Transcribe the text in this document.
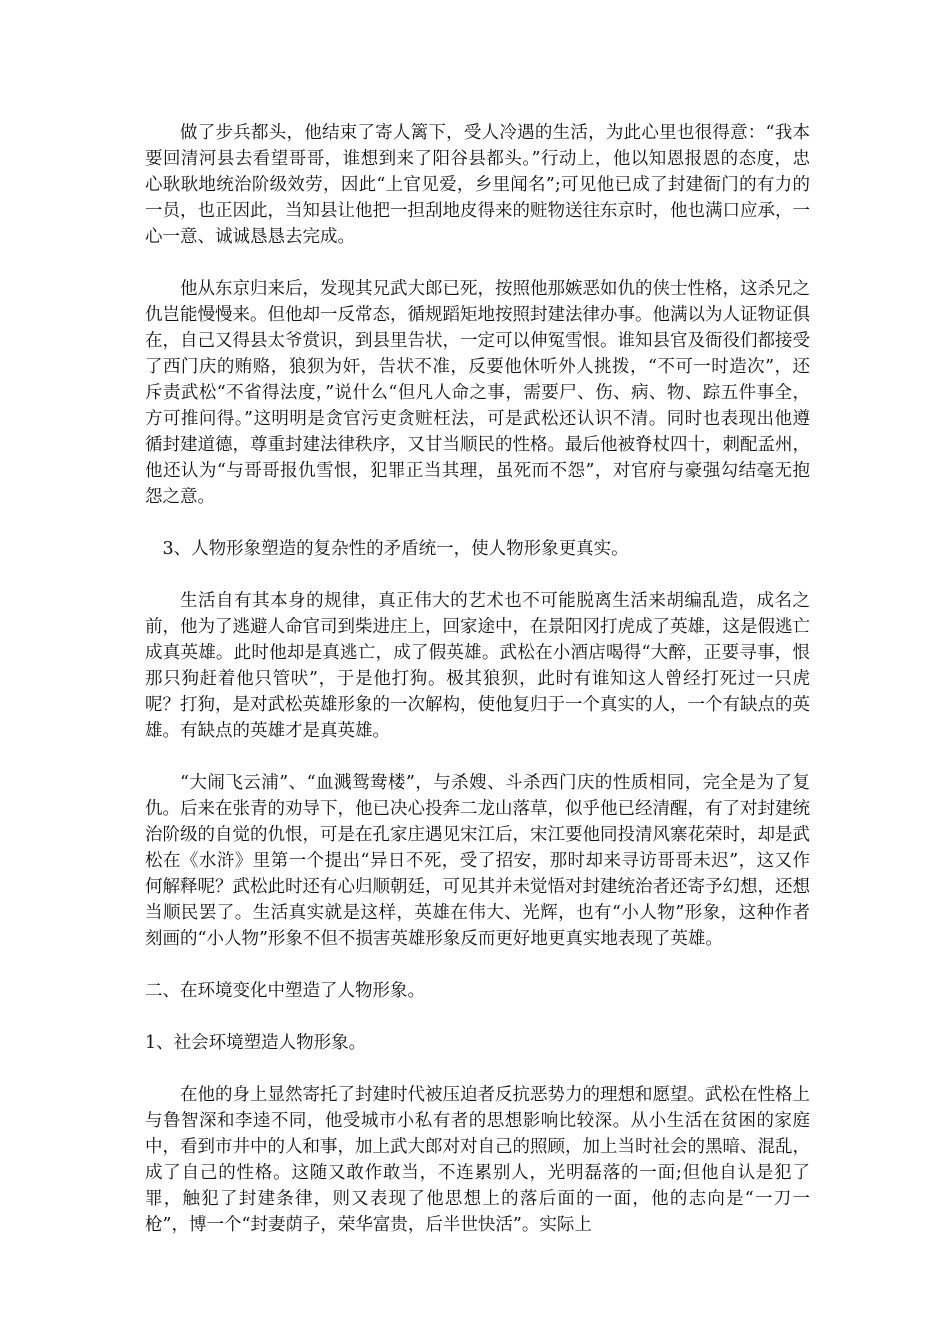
做了步兵都头，他结束了寄人篱下，受人冷遇的生活，为此心里也很得意：“我本要回清河县去看望哥哥，谁想到来了阳谷县都头。”行动上，他以知恩报恩的态度，忠心耿耿地统治阶级效劳，因此“上官见爱，乡里闻名”;可见他已成了封建衙门的有力的一员，也正因此，当知县让他把一担刮地皮得来的赃物送往东京时，他也满口应承，一心一意、诚诚恳恳去完成。

他从东京归来后，发现其兄武大郎已死，按照他那嫉恶如仇的侠士性格，这杀兄之仇岂能慢慢来。但他却一反常态，循规蹈矩地按照封建法律办事。他满以为人证物证俱在，自己又得县太爷赏识，到县里告状，一定可以伸冤雪恨。谁知县官及衙役们都接受了西门庆的贿赂，狼狈为奸，告状不准，反要他休听外人挑拨，“不可一时造次”，还斥责武松“不省得法度，”说什么“但凡人命之事，需要尸、伤、病、物、踪五件事全，方可推问得。”这明明是贪官污吏贪赃枉法，可是武松还认识不清。同时也表现出他遵循封建道德，尊重封建法律秩序，又甘当顺民的性格。最后他被脊杖四十，刺配孟州，他还认为“与哥哥报仇雪恨，犯罪正当其理，虽死而不怨”，对官府与豪强勾结毫无抱怨之意。

3、人物形象塑造的复杂性的矛盾统一，使人物形象更真实。

生活自有其本身的规律，真正伟大的艺术也不可能脱离生活来胡编乱造，成名之前，他为了逃避人命官司到柴进庄上，回家途中，在景阳冈打虎成了英雄，这是假逃亡成真英雄。此时他却是真逃亡，成了假英雄。武松在小酒店喝得“大醉，正要寻事，恨那只狗赶着他只管吠”，于是他打狗。极其狼狈，此时有谁知这人曾经打死过一只虎呢？打狗，是对武松英雄形象的一次解构，使他复归于一个真实的人，一个有缺点的英雄。有缺点的英雄才是真英雄。

“大闹飞云浦”、“血溅鸳鸯楼”，与杀嫂、斗杀西门庆的性质相同，完全是为了复仇。后来在张青的劝导下，他已决心投奔二龙山落草，似乎他已经清醒，有了对封建统治阶级的自觉的仇恨，可是在孔家庄遇见宋江后，宋江要他同投清风寨花荣时，却是武松在《水浒》里第一个提出“异日不死，受了招安，那时却来寻访哥哥未迟”，这又作何解释呢？武松此时还有心归顺朝廷，可见其并未觉悟对封建统治者还寄予幻想，还想当顺民罢了。生活真实就是这样，英雄在伟大、光辉，也有“小人物”形象，这种作者刻画的“小人物”形象不但不损害英雄形象反而更好地更真实地表现了英雄。

二、在环境变化中塑造了人物形象。

1、社会环境塑造人物形象。

在他的身上显然寄托了封建时代被压迫者反抗恶势力的理想和愿望。武松在性格上与鲁智深和李逵不同，他受城市小私有者的思想影响比较深。从小生活在贫困的家庭中，看到市井中的人和事，加上武大郎对对自己的照顾，加上当时社会的黑暗、混乱，成了自己的性格。这随又敢作敢当，不连累别人，光明磊落的一面;但他自认是犯了罪，触犯了封建条律，则又表现了他思想上的落后面的一面，他的志向是“一刀一枪”，博一个“封妻荫子，荣华富贵，后半世快活”。实际上
